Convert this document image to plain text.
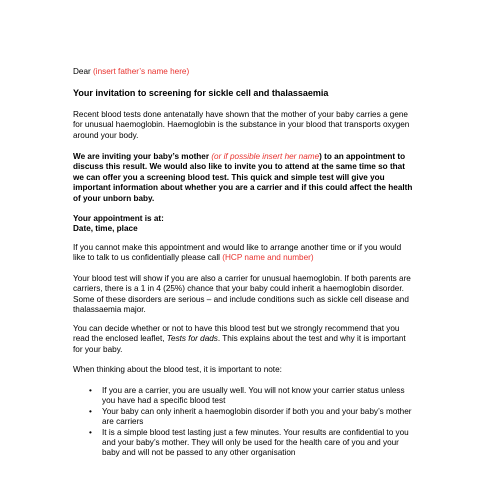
Dear (insert father’s name here)

Your invitation to screening for sickle cell and thalassaemia

Recent blood tests done antenatally have shown that the mother of your baby carries a gene for unusual haemoglobin. Haemoglobin is the substance in your blood that transports oxygen around your body.

We are inviting your baby’s mother (or if possible insert her name) to an appointment to discuss this result. We would also like to invite you to attend at the same time so that we can offer you a screening blood test. This quick and simple test will give you important information about whether you are a carrier and if this could affect the health of your unborn baby.

Your appointment is at:

Date, time, place

If you cannot make this appointment and would like to arrange another time or if you would like to talk to us confidentially please call (HCP name and number)

Your blood test will show if you are also a carrier for unusual haemoglobin. If both parents are carriers, there is a 1 in 4 (25%) chance that your baby could inherit a haemoglobin disorder. Some of these disorders are serious – and include conditions such as sickle cell disease and thalassaemia major.

You can decide whether or not to have this blood test but we strongly recommend that you read the enclosed leaflet, Tests for dads. This explains about the test and why it is important for your baby.

When thinking about the blood test, it is important to note:

• If you are a carrier, you are usually well. You will not know your carrier status unless you have had a specific blood test
• Your baby can only inherit a haemoglobin disorder if both you and your baby’s mother are carriers
• It is a simple blood test lasting just a few minutes. Your results are confidential to you and your baby’s mother. They will only be used for the health care of you and your baby and will not be passed to any other organisation
